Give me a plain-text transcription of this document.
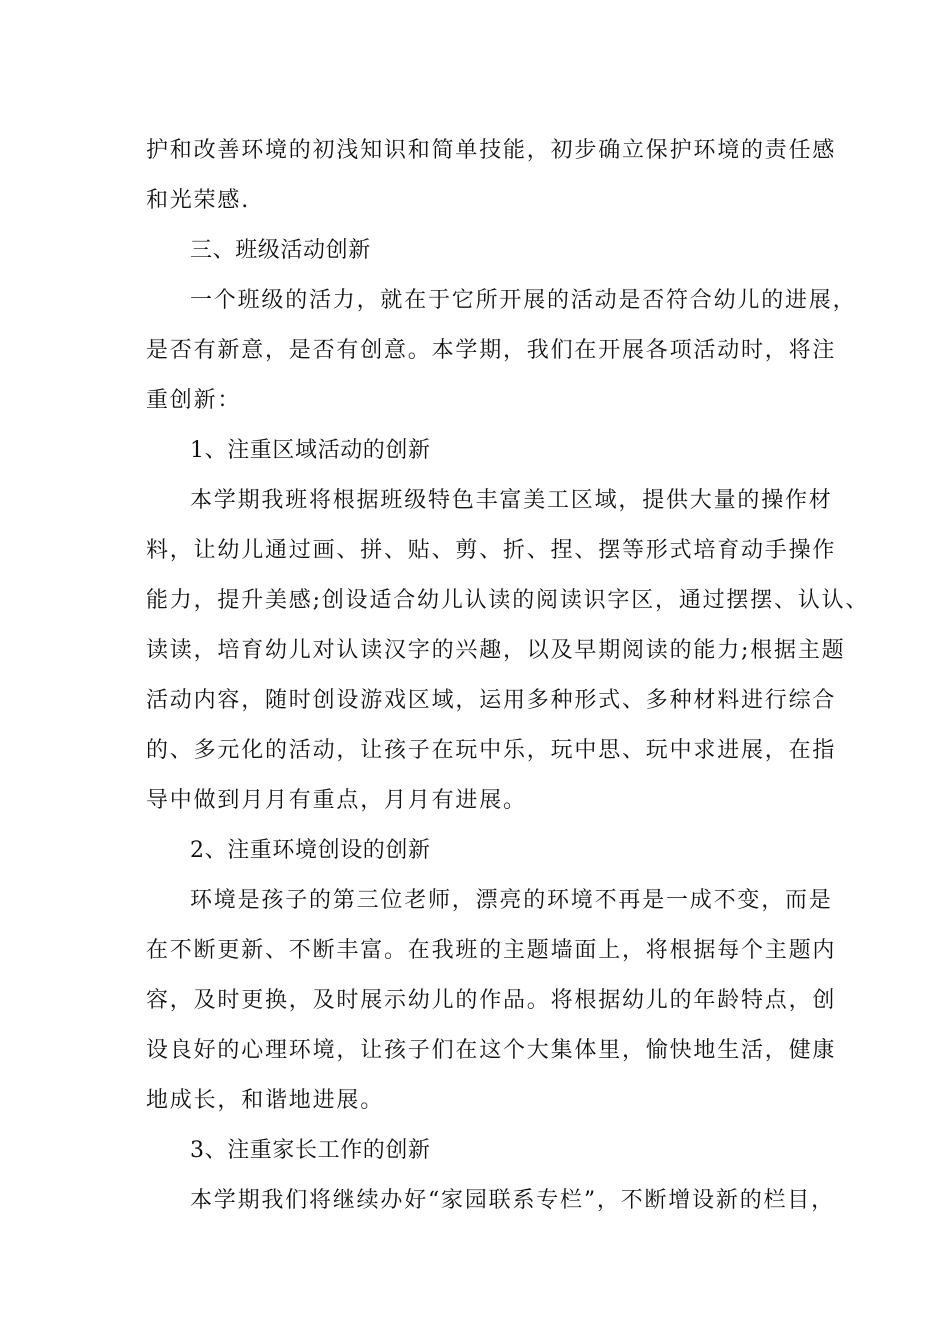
护和改善环境的初浅知识和简单技能，初步确立保护环境的责任感
和光荣感.
三、班级活动创新
一个班级的活力，就在于它所开展的活动是否符合幼儿的进展，
是否有新意，是否有创意。本学期，我们在开展各项活动时，将注
重创新：
1、注重区域活动的创新
本学期我班将根据班级特色丰富美工区域，提供大量的操作材
料，让幼儿通过画、拼、贴、剪、折、捏、摆等形式培育动手操作
能力，提升美感;创设适合幼儿认读的阅读识字区，通过摆摆、认认、
读读，培育幼儿对认读汉字的兴趣，以及早期阅读的能力;根据主题
活动内容，随时创设游戏区域，运用多种形式、多种材料进行综合
的、多元化的活动，让孩子在玩中乐，玩中思、玩中求进展，在指
导中做到月月有重点，月月有进展。
2、注重环境创设的创新
环境是孩子的第三位老师，漂亮的环境不再是一成不变，而是
在不断更新、不断丰富。在我班的主题墙面上，将根据每个主题内
容，及时更换，及时展示幼儿的作品。将根据幼儿的年龄特点，创
设良好的心理环境，让孩子们在这个大集体里，愉快地生活，健康
地成长，和谐地进展。
3、注重家长工作的创新
本学期我们将继续办好“家园联系专栏”，不断增设新的栏目，
